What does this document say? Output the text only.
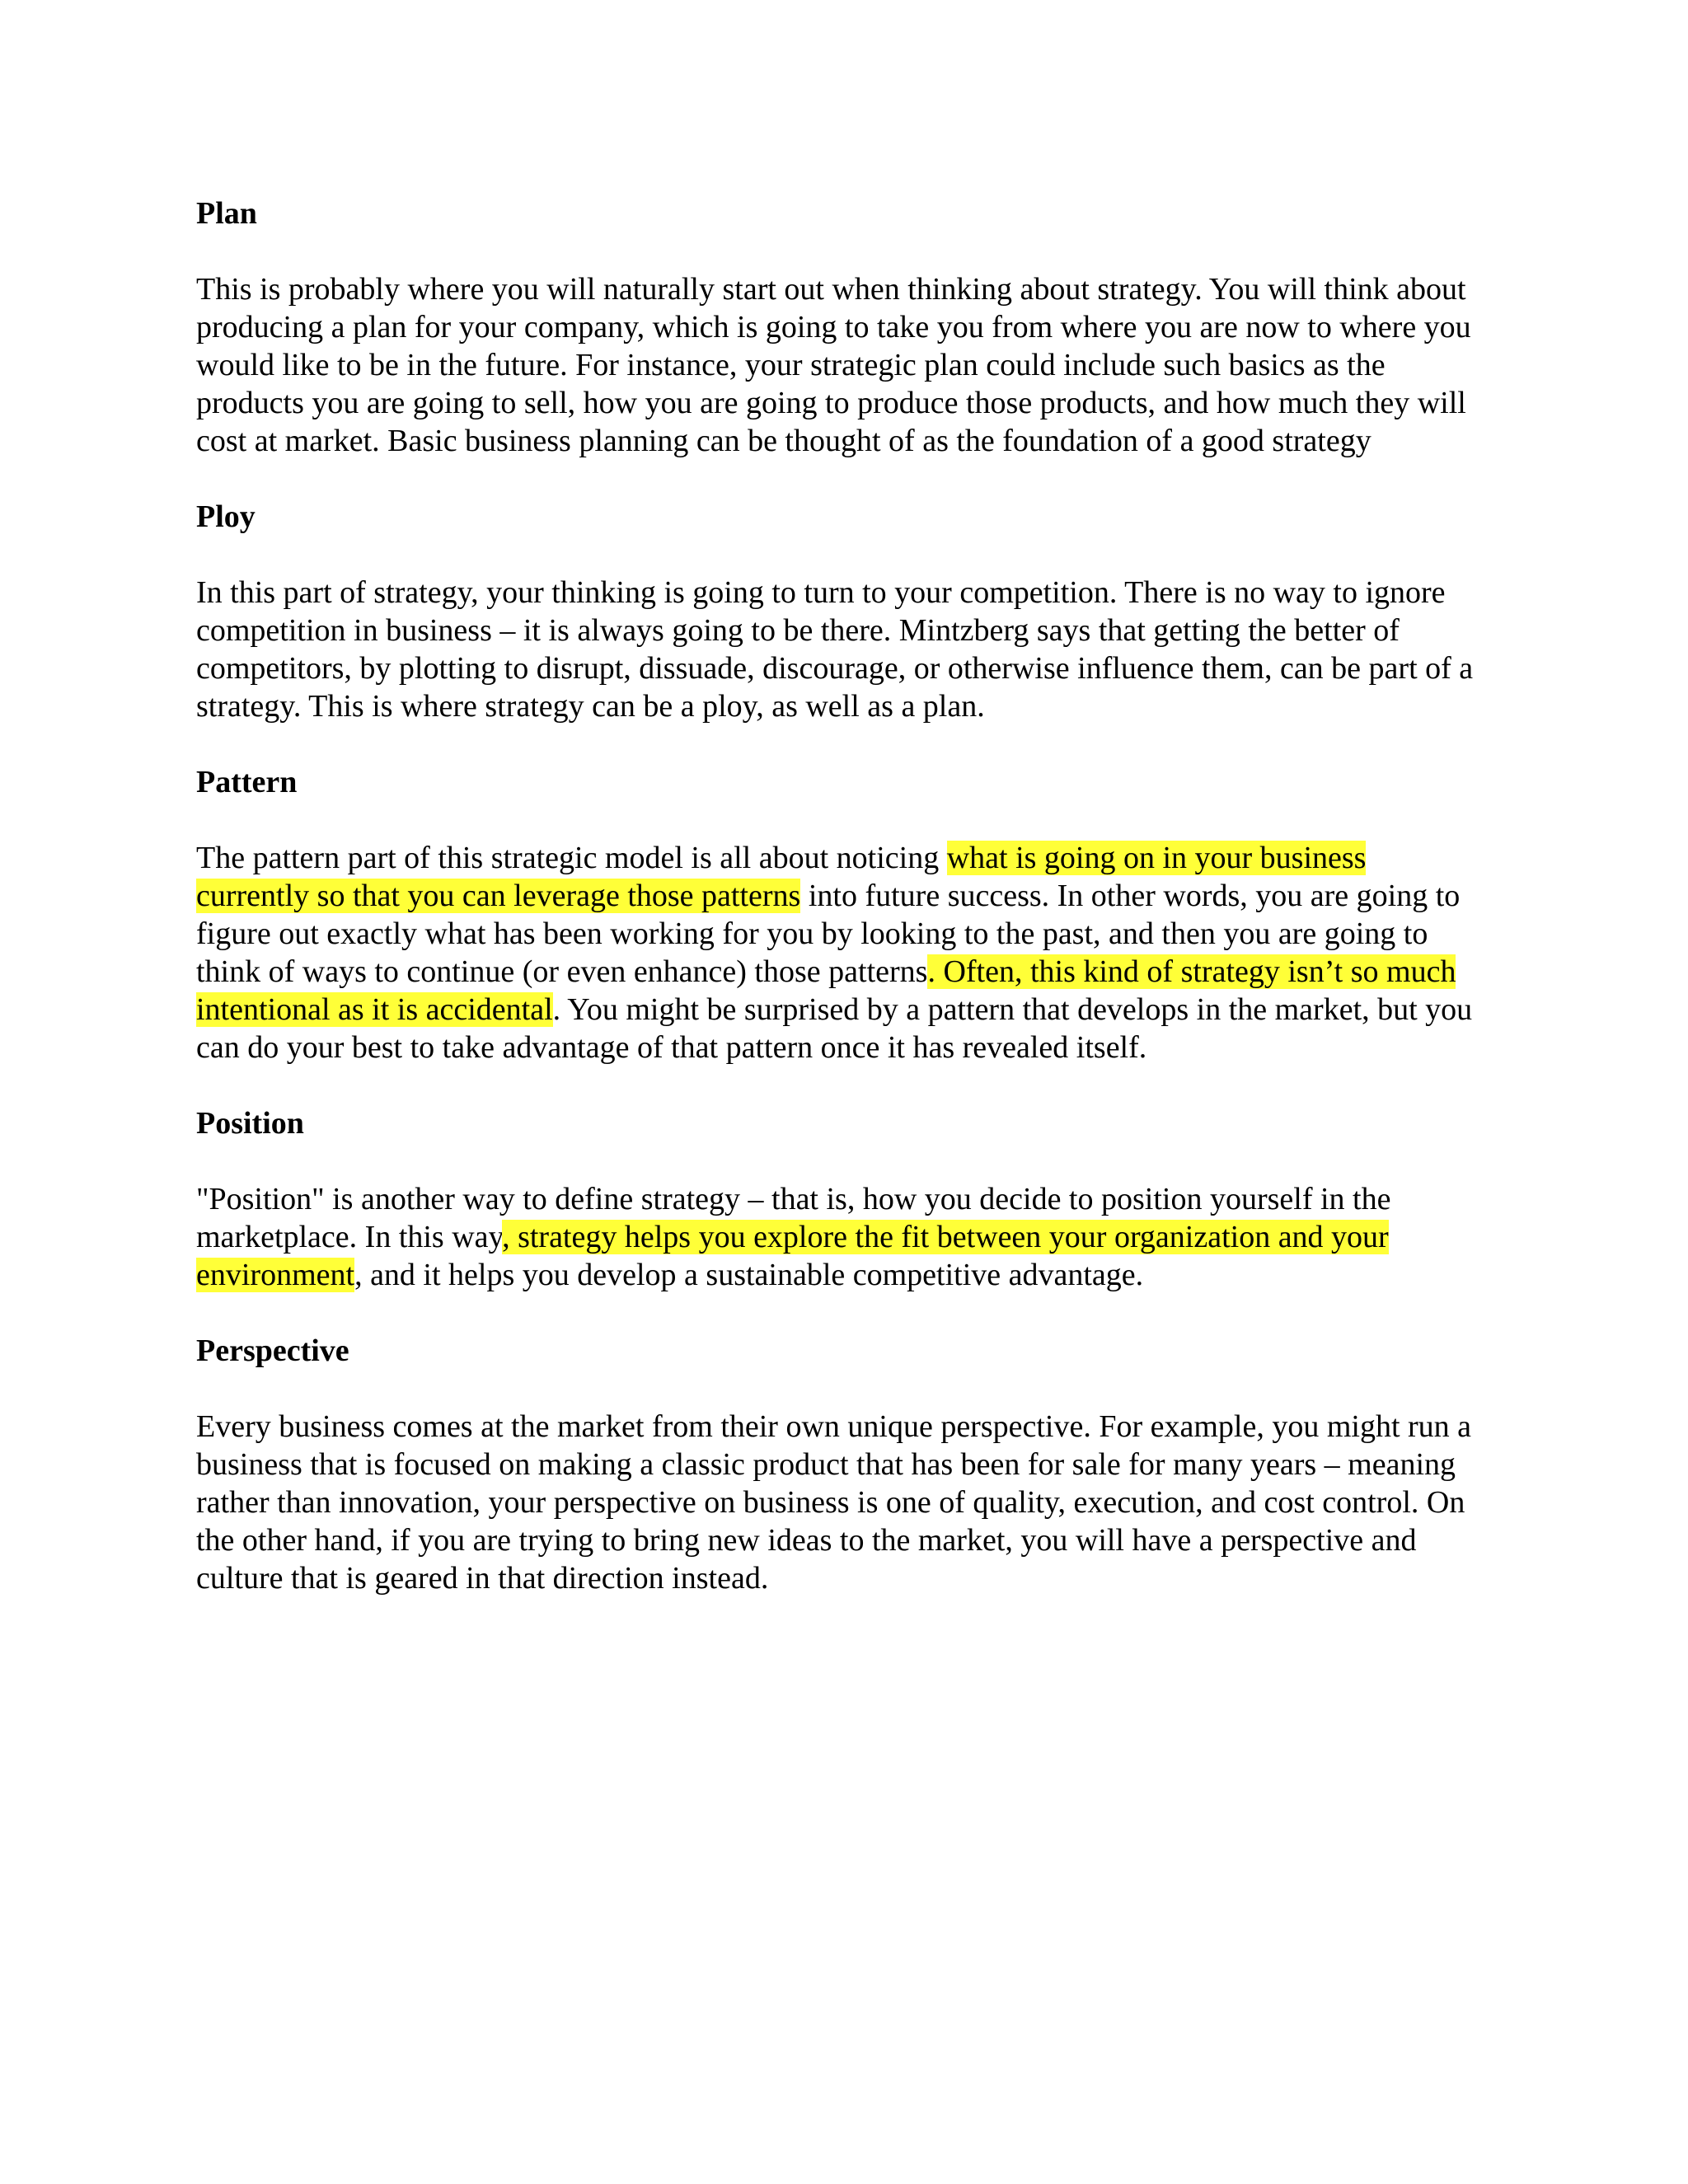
Plan
This is probably where you will naturally start out when thinking about strategy. You will think about producing a plan for your company, which is going to take you from where you are now to where you would like to be in the future. For instance, your strategic plan could include such basics as the products you are going to sell, how you are going to produce those products, and how much they will cost at market. Basic business planning can be thought of as the foundation of a good strategy
Ploy
In this part of strategy, your thinking is going to turn to your competition. There is no way to ignore competition in business – it is always going to be there. Mintzberg says that getting the better of competitors, by plotting to disrupt, dissuade, discourage, or otherwise influence them, can be part of a strategy. This is where strategy can be a ploy, as well as a plan.
Pattern
The pattern part of this strategic model is all about noticing what is going on in your business currently so that you can leverage those patterns into future success. In other words, you are going to figure out exactly what has been working for you by looking to the past, and then you are going to think of ways to continue (or even enhance) those patterns. Often, this kind of strategy isn’t so much intentional as it is accidental. You might be surprised by a pattern that develops in the market, but you can do your best to take advantage of that pattern once it has revealed itself.
Position
"Position" is another way to define strategy – that is, how you decide to position yourself in the marketplace. In this way, strategy helps you explore the fit between your organization and your environment, and it helps you develop a sustainable competitive advantage.
Perspective
Every business comes at the market from their own unique perspective. For example, you might run a business that is focused on making a classic product that has been for sale for many years – meaning rather than innovation, your perspective on business is one of quality, execution, and cost control. On the other hand, if you are trying to bring new ideas to the market, you will have a perspective and culture that is geared in that direction instead.
